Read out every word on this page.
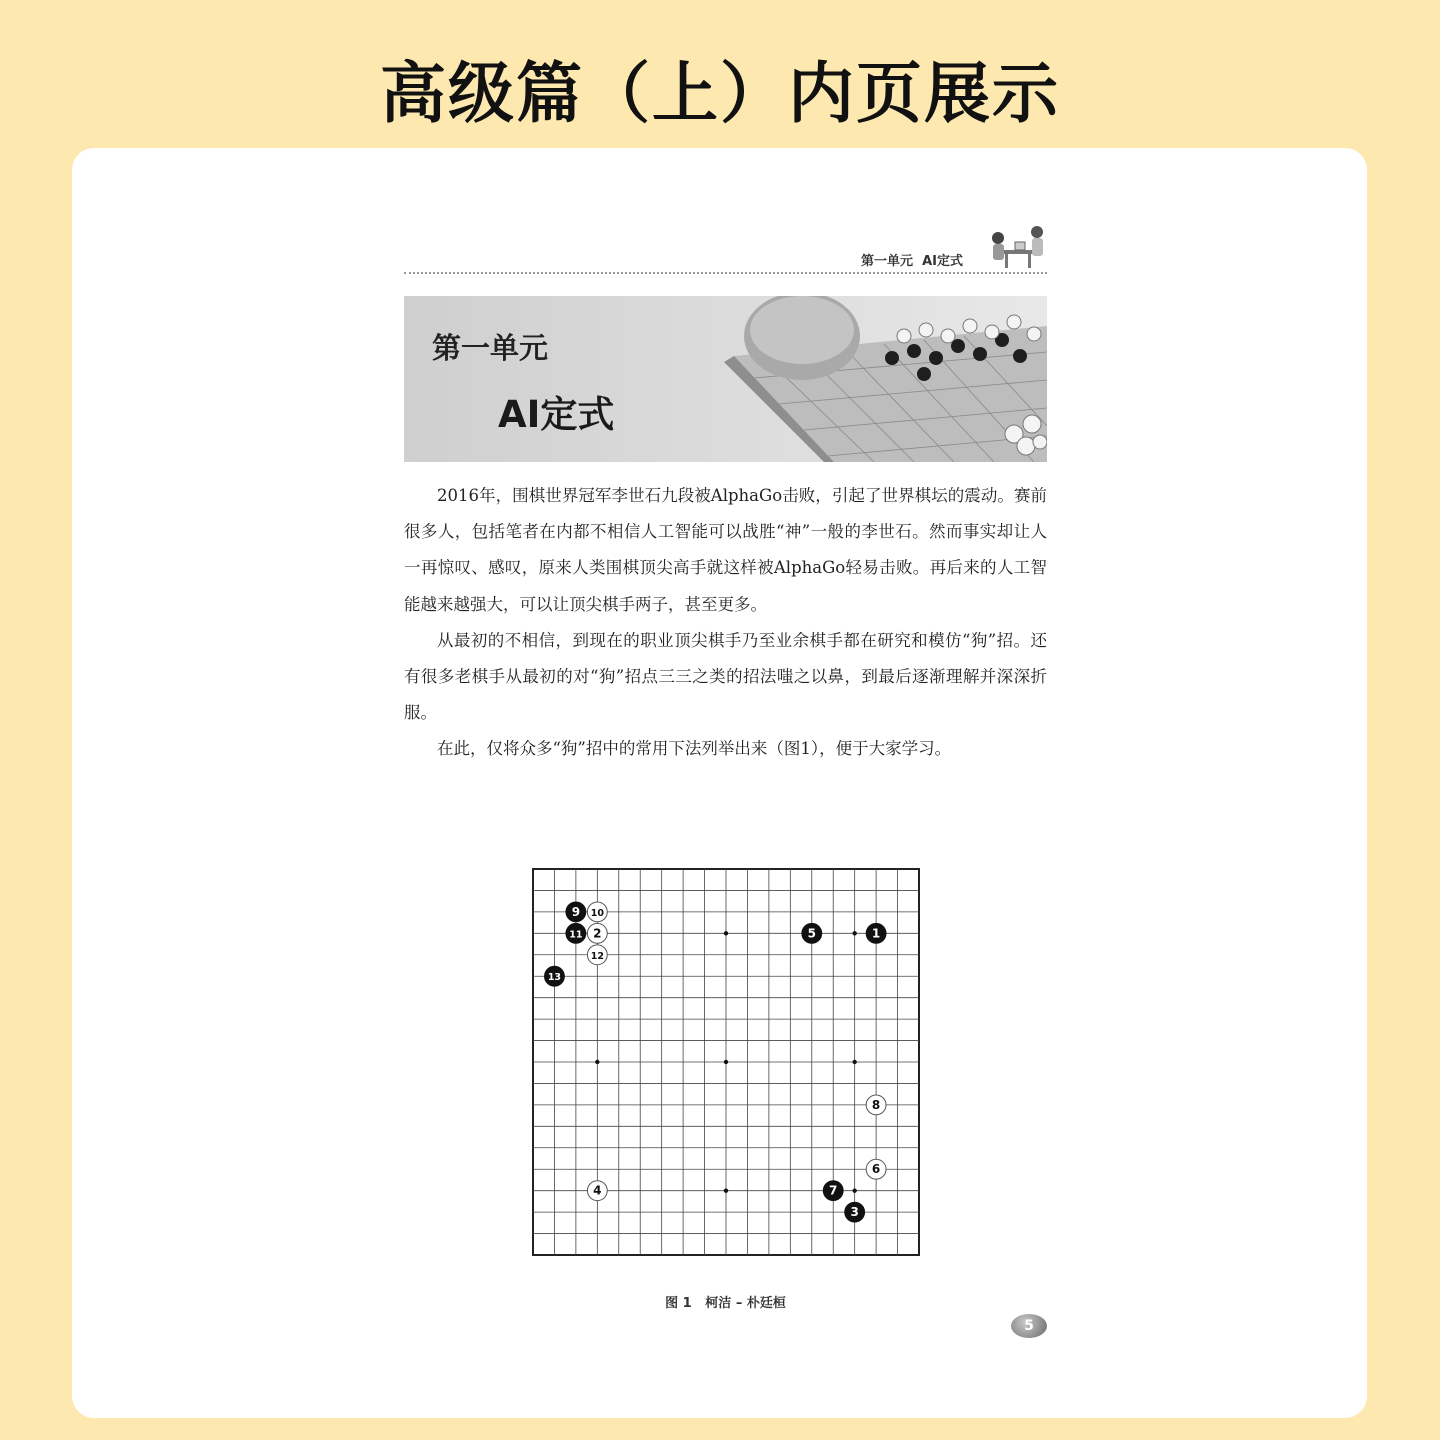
高级篇（上）内页展示
第一单元  AI定式
第一单元
AI定式

2016年，围棋世界冠军李世石九段被AlphaGo击败，引起了世界棋坛的震动。赛前很多人，包括笔者在内都不相信人工智能可以战胜“神”一般的李世石。然而事实却让人一再惊叹、感叹，原来人类围棋顶尖高手就这样被AlphaGo轻易击败。再后来的人工智能越来越强大，可以让顶尖棋手两子，甚至更多。

从最初的不相信，到现在的职业顶尖棋手乃至业余棋手都在研究和模仿“狗”招。还有很多老棋手从最初的对“狗”招点三三之类的招法嗤之以鼻，到最后逐渐理解并深深折服。

在此，仅将众多“狗”招中的常用下法列举出来（图1），便于大家学习。

1
2
3
4
5
6
7
8
9 10
11
12
13
图 1   柯洁 – 朴廷桓
5
